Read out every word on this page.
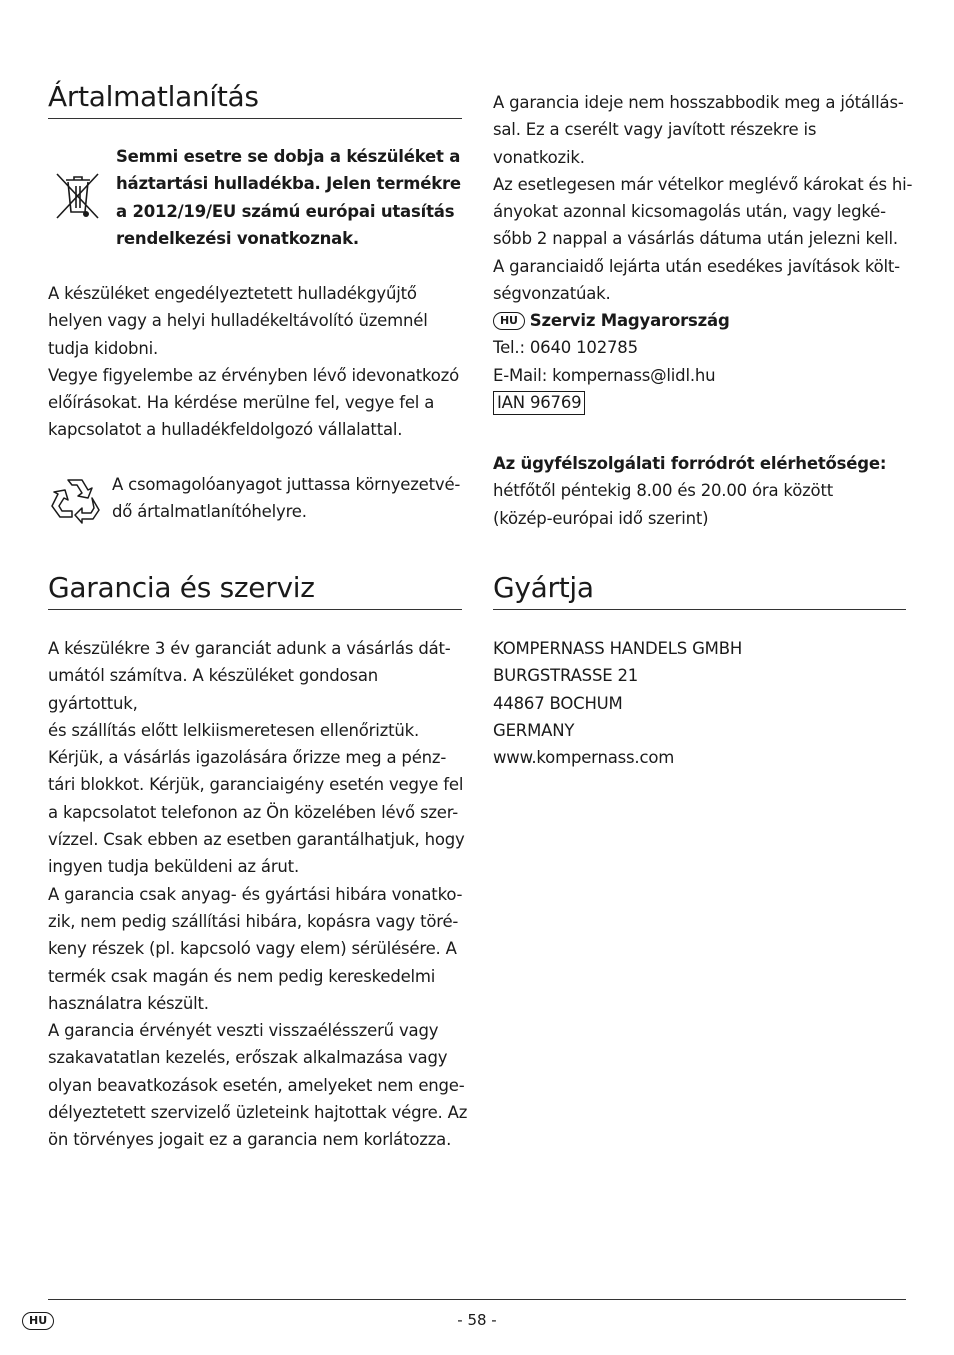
Ártalmatlanítás

Semmi esetre se dobja a készüléket a

háztartási hulladékba. Jelen termékre

a 2012/19/EU számú európai utasítás

rendelkezési vonatkoznak.

A készüléket engedélyeztetett hulladékgyűjtő

helyen vagy a helyi hulladékeltávolító üzemnél

tudja kidobni.

Vegye figyelembe az érvényben lévő idevonatkozó

előírásokat. Ha kérdése merülne fel, vegye fel a

kapcsolatot a hulladékfeldolgozó vállalattal.

A csomagolóanyagot juttassa környezetvé-

dő ártalmatlanítóhelyre.

Garancia és szerviz

A készülékre 3 év garanciát adunk a vásárlás dát-

umától számítva. A készüléket gondosan gyártottuk,

és szállítás előtt lelkiismeretesen ellenőriztük.

Kérjük, a vásárlás igazolására őrizze meg a pénz-

tári blokkot. Kérjük, garanciaigény esetén vegye fel

a kapcsolatot telefonon az Ön közelében lévő szer-

vízzel. Csak ebben az esetben garantálhatjuk, hogy

ingyen tudja beküldeni az árut.

A garancia csak anyag- és gyártási hibára vonatko-

zik, nem pedig szállítási hibára, kopásra vagy töré-

keny részek (pl. kapcsoló vagy elem) sérülésére. A

termék csak magán és nem pedig kereskedelmi

használatra készült.

A garancia érvényét veszti visszaélésszerű vagy

szakavatatlan kezelés, erőszak alkalmazása vagy

olyan beavatkozások esetén, amelyeket nem enge-

délyeztetett szervizelő üzleteink hajtottak végre. Az

ön törvényes jogait ez a garancia nem korlátozza.

A garancia ideje nem hosszabbodik meg a jótállás-

sal. Ez a cserélt vagy javított részekre is vonatkozik.

Az esetlegesen már vételkor meglévő károkat és hi-

ányokat azonnal kicsomagolás után, vagy legké-

sőbb 2 nappal a vásárlás dátuma után jelezni kell.

A garanciaidő lejárta után esedékes javítások költ-

ségvonzatúak.

HU Szerviz Magyarország

Tel.: 0640 102785

E-Mail: kompernass@lidl.hu

IAN 96769

Az ügyfélszolgálati forródrót elérhetősége:

hétfőtől péntekig 8.00 és 20.00 óra között

(közép-európai idő szerint)

Gyártja

KOMPERNASS HANDELS GMBH

BURGSTRASSE 21

44867 BOCHUM

GERMANY

www.kompernass.com

HU	- 58 -
